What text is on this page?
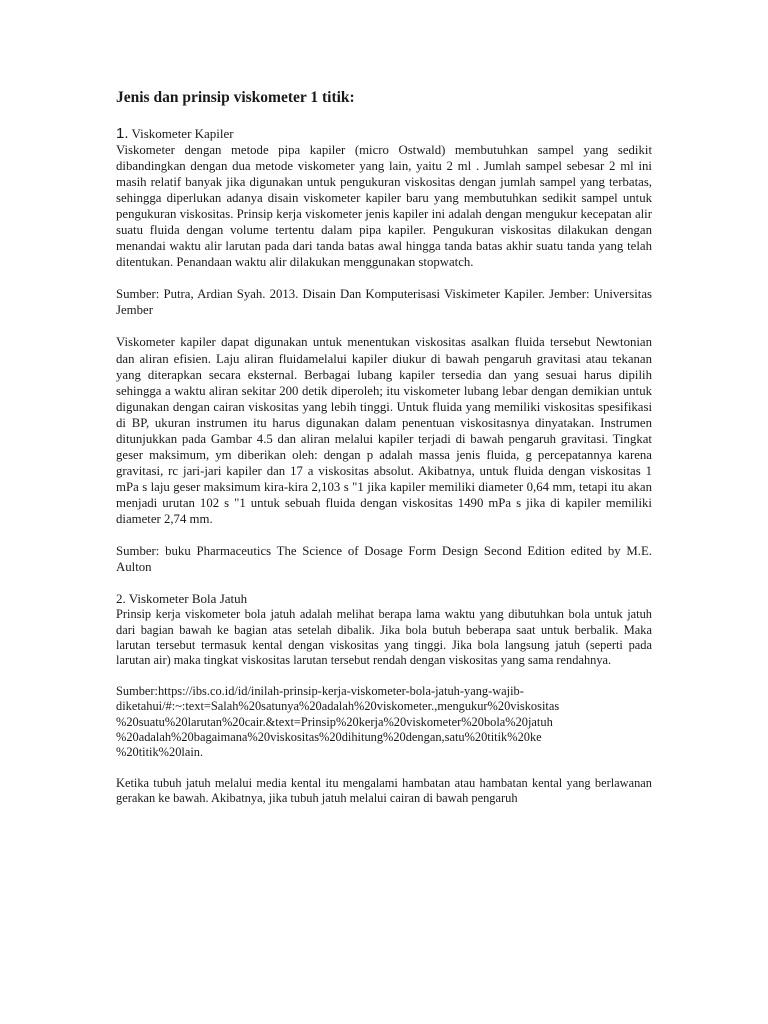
Jenis dan prinsip viskometer 1 titik:
1. Viskometer Kapiler

Viskometer dengan metode pipa kapiler (micro Ostwald) membutuhkan sampel yang sedikit dibandingkan dengan dua metode viskometer yang lain, yaitu 2 ml . Jumlah sampel sebesar 2 ml ini masih relatif banyak jika digunakan untuk pengukuran viskositas dengan jumlah sampel yang terbatas, sehingga diperlukan adanya disain viskometer kapiler baru yang membutuhkan sedikit sampel untuk pengukuran viskositas. Prinsip kerja viskometer jenis kapiler ini adalah dengan mengukur kecepatan alir suatu fluida dengan volume tertentu dalam pipa kapiler. Pengukuran viskositas dilakukan dengan menandai waktu alir larutan pada dari tanda batas awal hingga tanda batas akhir suatu tanda yang telah ditentukan. Penandaan waktu alir dilakukan menggunakan stopwatch.

Sumber: Putra, Ardian Syah. 2013. Disain Dan Komputerisasi Viskimeter Kapiler. Jember: Universitas Jember

Viskometer kapiler dapat digunakan untuk menentukan viskositas asalkan fluida tersebut Newtonian dan aliran efisien. Laju aliran fluidamelalui kapiler diukur di bawah pengaruh gravitasi atau tekanan yang diterapkan secara eksternal. Berbagai lubang kapiler tersedia dan yang sesuai harus dipilih sehingga a waktu aliran sekitar 200 detik diperoleh; itu viskometer lubang lebar dengan demikian untuk digunakan dengan cairan viskositas yang lebih tinggi. Untuk fluida yang memiliki viskositas spesifikasi di BP, ukuran instrumen itu harus digunakan dalam penentuan viskositasnya dinyatakan. Instrumen ditunjukkan pada Gambar 4.5 dan aliran melalui kapiler terjadi di bawah pengaruh gravitasi. Tingkat geser maksimum, ym diberikan oleh: dengan p adalah massa jenis fluida, g percepatannya karena gravitasi, rc jari-jari kapiler dan 17 a viskositas absolut. Akibatnya, untuk fluida dengan viskositas 1 mPa s laju geser maksimum kira-kira 2,103 s "1 jika kapiler memiliki diameter 0,64 mm, tetapi itu akan menjadi urutan 102 s "1 untuk sebuah fluida dengan viskositas 1490 mPa s jika di kapiler memiliki diameter 2,74 mm.

Sumber: buku Pharmaceutics The Science of Dosage Form Design Second Edition edited by M.E. Aulton

2. Viskometer Bola Jatuh

Prinsip kerja viskometer bola jatuh adalah melihat berapa lama waktu yang dibutuhkan bola untuk jatuh dari bagian bawah ke bagian atas setelah dibalik. Jika bola butuh beberapa saat untuk berbalik. Maka larutan tersebut termasuk kental dengan viskositas yang tinggi. Jika bola langsung jatuh (seperti pada larutan air) maka tingkat viskositas larutan tersebut rendah dengan viskositas yang sama rendahnya.

Sumber:https://ibs.co.id/id/inilah-prinsip-kerja-viskometer-bola-jatuh-yang-wajib-

diketahui/#:~:text=Salah%20satunya%20adalah%20viskometer.,mengukur%20viskositas

%20suatu%20larutan%20cair.&text=Prinsip%20kerja%20viskometer%20bola%20jatuh

%20adalah%20bagaimana%20viskositas%20dihitung%20dengan,satu%20titik%20ke

%20titik%20lain.

Ketika tubuh jatuh melalui media kental itu mengalami hambatan atau hambatan kental yang berlawanan gerakan ke bawah. Akibatnya, jika tubuh jatuh melalui cairan di bawah pengaruh
